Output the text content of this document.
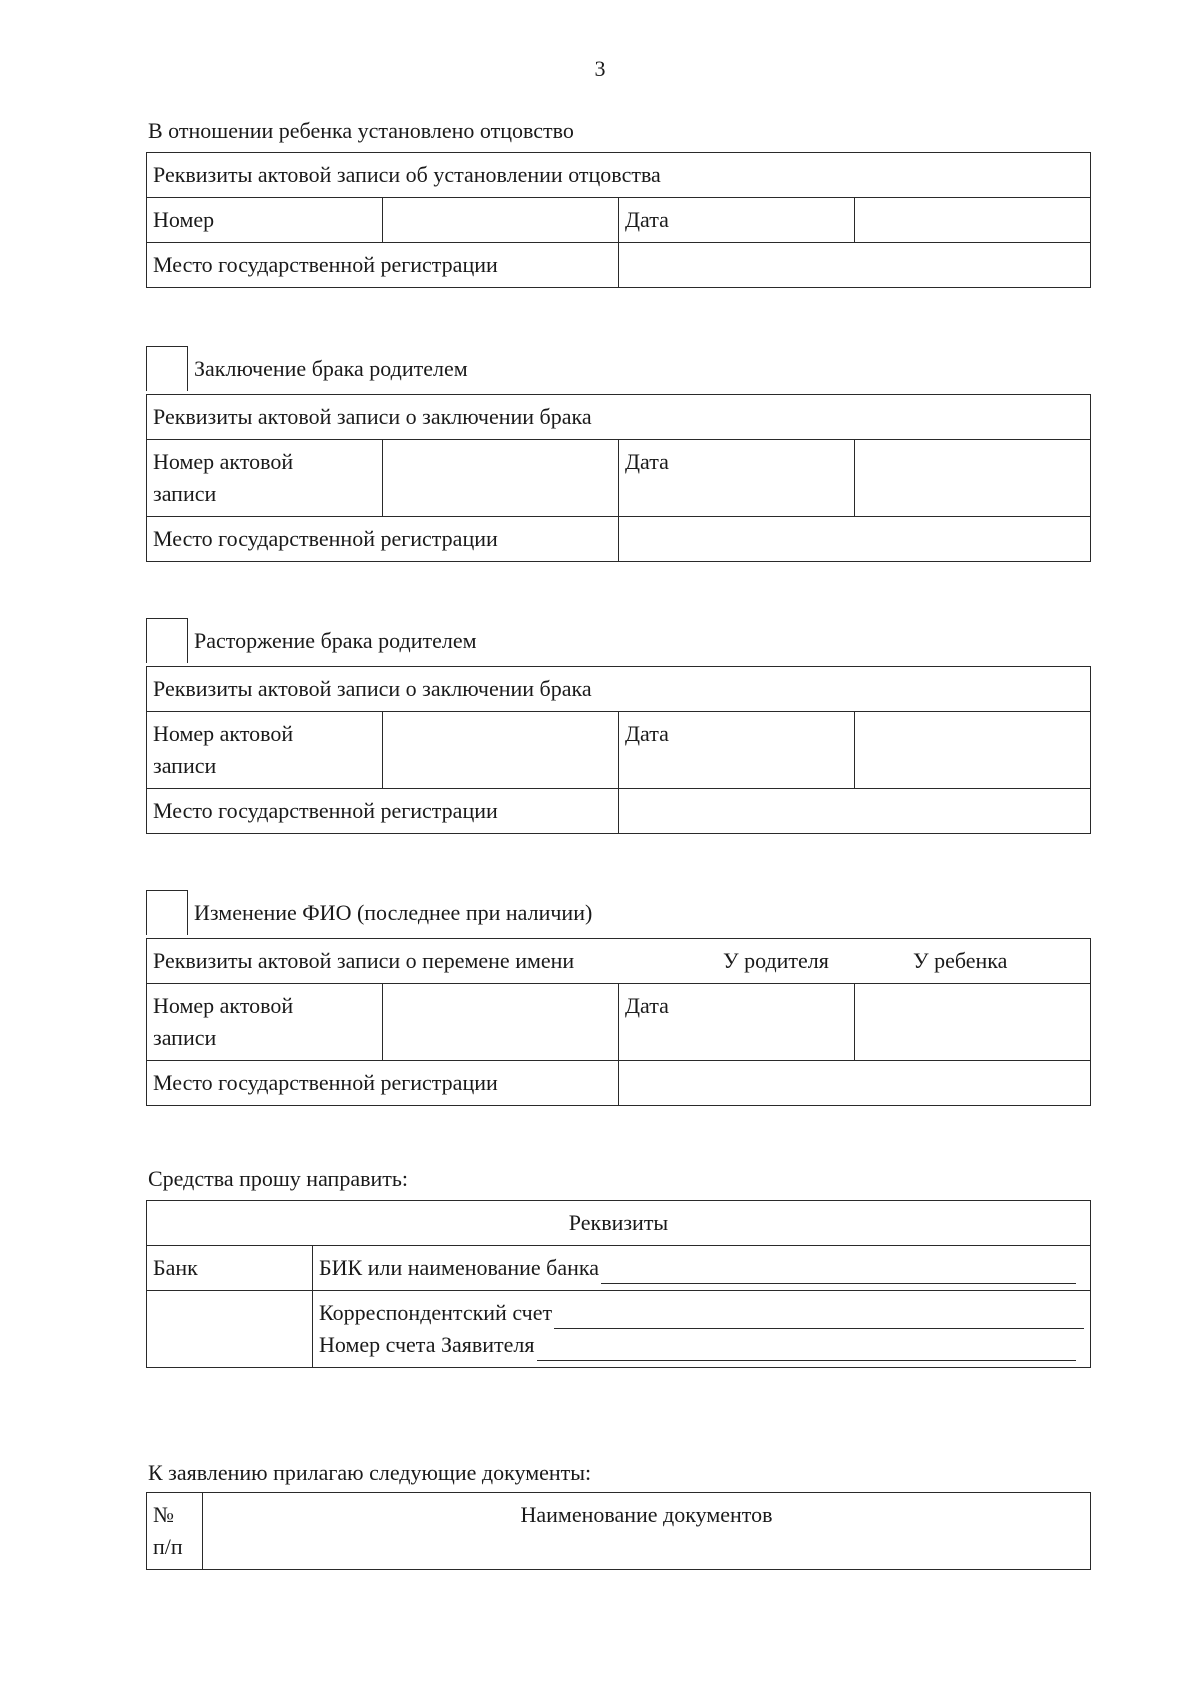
3
В отношении ребенка установлено отцовство
Реквизиты актовой записи об установлении отцовства			
Номер		Дата	
Место государственной регистрации			
Заключение брака родителем
Реквизиты актовой записи о заключении брака			

Номер актовой
записи		Дата	
Место государственной регистрации			
Расторжение брака родителем
Реквизиты актовой записи о заключении брака			

Номер актовой
записи		Дата	
Место государственной регистрации			
Изменение ФИО (последнее при наличии)
Реквизиты актовой записи о перемене имени У родителя У ребенка			

Номер актовой
записи		Дата	
Место государственной регистрации			
Средства прошу направить:
Реквизиты	
Банк	БИК или наименование банка

	Корреспондентский счет
Номер счета Заявителя
К заявлению прилагаю следующие документы:
№
п/п
	Наименование документов
